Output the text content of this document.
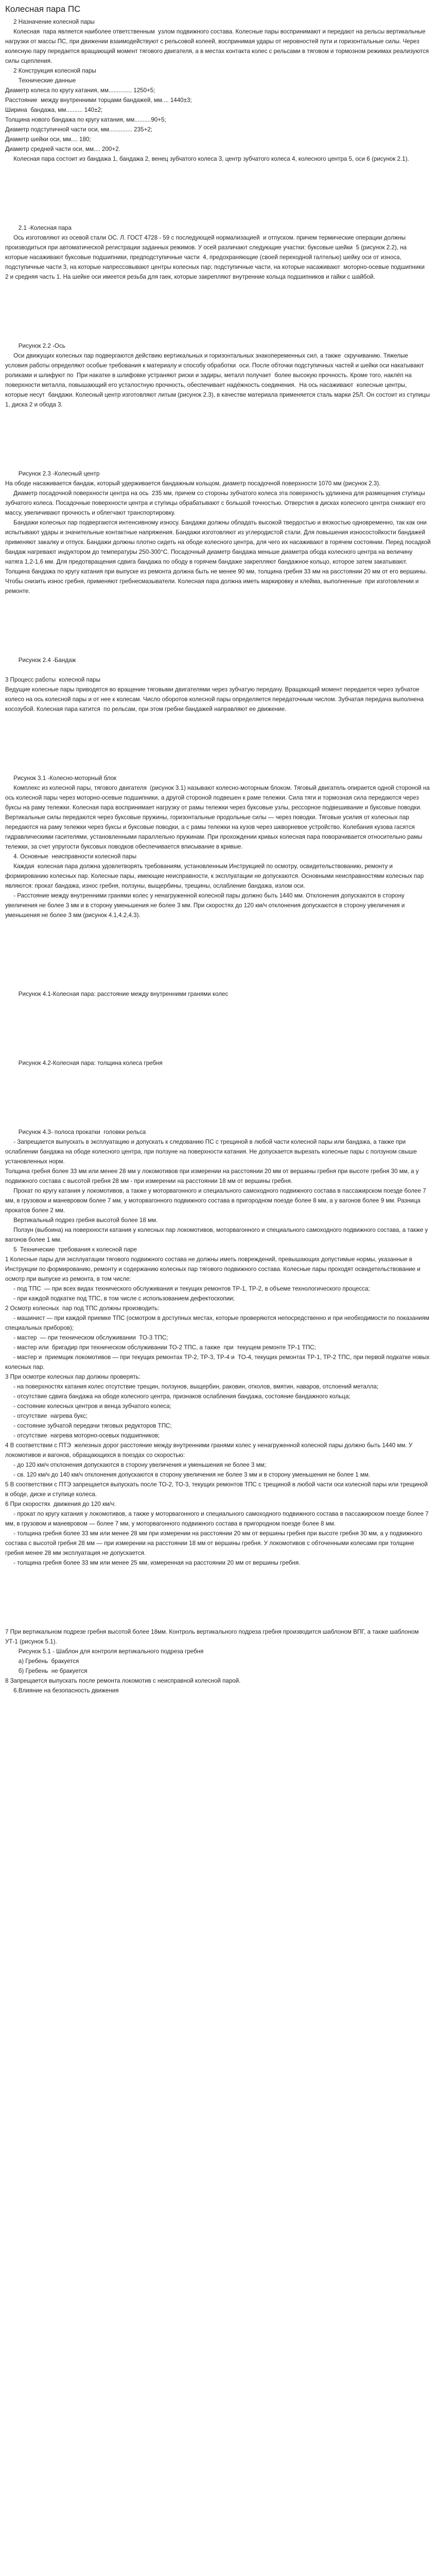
Колесная пара ПС

2 Назначение колесной пары

Колесная  пара является наиболее ответственным  узлом подвижного состава. Колесные пары воспринимают и передают на рельсы вертикальные нагрузки от массы ПС, при движении взаимодействуют с рельсовой колеей, воспринимая удары от неровностей пути и горизонтальные силы. Через колесную пару передается вращающий момент тягового двигателя, а в местах контакта колес с рельсами в тяговом и тормозном режимах реализуются силы сцепления.

2 Конструкция колесной пары

Технические данные

Диаметр колеса по кругу катания, мм.............. 1250+5;

Расстояние  между внутренними торцами бандажей, мм.... 1440±3;

Ширина  бандажа, мм.......... 140±2;

Толщина нового бандажа по кругу катания, мм..........90+5;

Диаметр подступичной части оси, мм.............. 235+2;

Диаметр шейки оси, мм.... 180;

Диаметр средней части оси, мм.... 200+2.

Колесная пара состоит из бандажа 1, бандажа 2, венец зубчатого колеса 3, центр зубчатого колеса 4, колесного центра 5, оси 6 (рисунок 2.1).

2.1 -Колесная пара

Ось изготовляют из осевой стали ОС. Л. ГОСТ 4728 - 59 с последующей нормализацией  и отпуском. причем термические операции должны производиться при автоматической регистрации заданных режимов. У осей различают следующие участки: буксовые шейки  5 (рисунок 2.2), на которые насаживают буксовые подшипники, предподступичные части  4, предохраняющие (своей переходной галтелью) шейку оси от износа, подступичные части 3, на которые напрессовывают центры колесных пар; подступичные части, на которые насаживают  моторно-осевые подшипники  2 и средняя часть 1. На шейке оси имеется резьба для гаек, которые закрепляют внутренние кольца подшипников и гайки с шайбой.

Рисунок 2.2 -Ось

Оси движущих колесных пар подвергаются действию вертикальных и горизонтальных знакопеременных сил, а также  скручиванию. Тяжелые условия работы определяют особые требования к материалу и способу обработки  оси. После обточки подступичных частей и шейки оси накатывают роликами и шлифуют по  При накатке в шлифовке устраняют риски и задиры, металл получает  более высокую прочность. Кроме того, наклёп на поверхности металла, повышающий его усталостную прочность, обеспечивает надёжность соединения.  На ось насаживают  колесные центры, которые несут  бандажи. Колесный центр изготовляют литым (рисунок 2.3), в качестве материала применяется сталь марки 25Л. Он состоит из ступицы 1, диска 2 и обода 3.

Рисунок 2.3 -Колесный центр

На ободе насаживается бандаж, который удерживается бандажным кольцом, диаметр посадочной поверхности 1070 мм (рисунок 2.3).

Диаметр посадочной поверхности центра на ось  235 мм, причем со стороны зубчатого колеса эта поверхность удлинена для размещения ступицы зубчатого колеса. Посадочные поверхности центра и ступицы обрабатывают с большой точностью. Отверстия в дисках колесного центра снижают его массу, увеличивают прочность и облегчают транспортировку.

Бандажи колесных пар подвергаются интенсивному износу. Бандажи должны обладать высокой твердостью и вязкостью одновременно, так как они испытывают удары и значительные контактные напряжения. Бандажи изготовляют из углеродистой стали. Для повышения износостойкости бандажей применяют закалку и отпуск. Бандажи должны плотно сидеть на ободе колесного центра, для чего их насаживают в горячем состоянии. Перед посадкой бандаж нагревают индуктором до температуры 250-300°С. Посадочный диаметр бандажа меньше диаметра обода колесного центра на величину натяга 1,2-1,6 мм. Для предотвращения сдвига бандажа по ободу в горячем бандаже закрепляют бандажное кольцо, которое затем закатывают. Толщина бандажа по кругу катания при выпуске из ремонта должна быть не менее 90 мм, толщина гребня 33 мм на расстоянии 20 мм от его вершины. Чтобы снизить износ гребня, применяют гребнесмазыватели. Колесная пара должна иметь маркировку и клейма, выполненные  при изготовлении и ремонте.

Рисунок 2.4 -Бандаж

3 Процесс работы  колесной пары

Ведущие колесные пары приводятся во вращение тяговыми двигателями через зубчатую передачу. Вращающий момент передается через зубчатое колесо на ось колесной пары и от нее к колесам. Число оборотов колесной пары определяется передаточным числом. Зубчатая передача выполнена косозубой. Колесная пара катится  по рельсам, при этом гребни бандажей направляют ее движение.

Рисунок 3.1 -Колесно-моторный блок

Комплекс из колесной пары, тягового двигателя  (рисунок 3.1) называют колесно-моторным блоком. Тяговый двигатель опирается одной стороной на ось колесной пары через моторно-осевые подшипники, а другой стороной подвешен к раме тележки. Сила тяги и тормозная сила передаются через буксы на раму тележки. Колесная пара воспринимает нагрузку от рамы тележки через буксовые узлы, рессорное подвешивание и буксовые поводки. Вертикальные силы передаются через буксовые пружины, горизонтальные продольные силы — через поводки. Тяговые усилия от колесных пар передаются на раму тележки через буксы и буксовые поводки, а с рамы тележки на кузов через шкворневое устройство. Колебания кузова гасятся гидравлическими гасителями, установленными параллельно пружинам. При прохождении кривых колесная пара поворачивается относительно рамы тележки, за счет упругости буксовых поводков обеспечивается вписывание в кривые.

4. Основные  неисправности колесной пары

Каждая  колесная пара должна удовлетворять требованиям, установленным Инструкцией по осмотру, освидетельствованию, ремонту и формированию колесных пар. Колесные пары, имеющие неисправности, к эксплуатации не допускаются. Основными неисправностями колесных пар являются: прокат бандажа, износ гребня, ползуны, выщербины, трещины, ослабление бандажа, излом оси.

- Расстояние между внутренними гранями колес у ненагруженной колесной пары должно быть 1440 мм. Отклонения допускаются в сторону увеличения не более 3 мм и в сторону уменьшения не более 3 мм. При скоростях до 120 км/ч отклонения допускаются в сторону увеличения и уменьшения не более 3 мм (рисунок 4.1,4.2,4.3).

Рисунок 4.1-Колесная пара: расстояние между внутренними гранями колес

Рисунок 4.2-Колесная пара: толщина колеса гребня

Рисунок 4.3- полоса прокатки  головки рельса

- Запрещается выпускать в эксплуатацию и допускать к следованию ПС с трещиной в любой части колесной пары или бандажа, а также при ослаблении бандажа на ободе колесного центра, при ползуне на поверхности катания. Не допускается вырезать колесные пары с ползуном свыше установленных норм.

Толщина гребня более 33 мм или менее 28 мм у локомотивов при измерении на расстоянии 20 мм от вершины гребня при высоте гребня 30 мм, а у подвижного состава с высотой гребня 28 мм - при измерении на расстоянии 18 мм от вершины гребня.

Прокат по кругу катания у локомотивов, а также у моторвагонного и специального самоходного подвижного состава в пассажирском поезде более 7 мм, в грузовом и маневровом более 7 мм, у моторвагонного подвижного состава в пригородном поезде более 8 мм, а у вагонов более 9 мм. Разница прокатов более 2 мм.

Вертикальный подрез гребня высотой более 18 мм.

Ползун (выбоина) на поверхности катания у колесных пар локомотивов, моторвагонного и специального самоходного подвижного состава, а также у вагонов более 1 мм.

5  Технические  требования к колесной паре

1 Колесные пары для эксплуатации тягового подвижного состава не должны иметь повреждений, превышающих допустимые нормы, указанные в Инструкции по формированию, ремонту и содержанию колесных пар тягового подвижного состава. Колесные пары проходят освидетельствование и осмотр при выпуске из ремонта, в том числе:

- под ТПС  — при всех видах технического обслуживания и текущих ремонтов ТР-1, ТР-2, в объеме технологического процесса;

- при каждой подкатке под ТПС, в том числе с использованием дефектоскопии;

2 Осмотр колесных  пар под ТПС должны производить:

- машинист — при каждой приемке ТПС (осмотром в доступных местах, которые проверяются непосредственно и при необходимости по показаниям специальных приборов);

- мастер  — при техническом обслуживании  ТО-3 ТПС;

- мастер или  бригадир при техническом обслуживании ТО-2 ТПС, а также  при  текущем ремонте ТР-1 ТПС;

- мастер и  приемщик локомотивов — при текущих ремонтах ТР-2, ТР-3, ТР-4 и  ТО-4, текущих ремонтах ТР-1, ТР-2 ТПС, при первой подкатке новых  колесных пар.

3 При осмотре колесных пар должны проверять:

- на поверхностях катания колес отсутствие трещин, ползунов, выщербин, раковин, отколов, вмятин, наваров, отслоений металла;

- отсутствие сдвига бандажа на ободе колесного центра, признаков ослабления бандажа, состояние бандажного кольца;

- состояние колесных центров и венца зубчатого колеса;

- отсутствие  нагрева букс;

- состояние зубчатой передачи тяговых редукторов ТПС;

- отсутствие  нагрева моторно-осевых подшипников;

4 В соответствии с ПТЭ  железных дорог расстояние между внутренними гранями колес у ненагруженной колесной пары должно быть 1440 мм. У локомотивов и вагонов, обращающихся в поездах со скоростью:

- до 120 км/ч отклонения допускаются в сторону увеличения и уменьшения не более 3 мм;

- св. 120 км/ч до 140 км/ч отклонения допускаются в сторону увеличения не более 3 мм и в сторону уменьшения не более 1 мм.

5 В соответствии с ПТЭ запрещается выпускать после ТО-2, ТО-3, текущих ремонтов ТПС с трещиной в любой части оси колесной пары или трещиной в ободе, диске и ступице колеса.

6 При скоростях  движения до 120 км/ч:

- прокат по кругу катания у локомотивов, а также у моторвагонного и специального самоходного подвижного состава в пассажирском поезде более 7 мм, в грузовом и маневровом — более 7 мм, у моторвагонного подвижного состава в пригородном поезде более 8 мм.

- толщина гребня более 33 мм или менее 28 мм при измерении на расстоянии 20 мм от вершины гребня при высоте гребня 30 мм, а у подвижного состава с высотой гребня 28 мм — при измерении на расстоянии 18 мм от вершины гребня. У локомотивов с обточенными колесами при толщине гребня менее 28 мм эксплуатация не допускается.

- толщина гребня более 33 мм или менее 25 мм, измеренная на расстоянии 20 мм от вершины гребня.

7 При вертикальном подрезе гребня высотой более 18мм. Контроль вертикального подреза гребня производится шаблоном ВПГ, а также шаблоном УТ-1 (рисунок 5.1).

Рисунок 5.1 - Шаблон для контроля вертикального подреза гребня

а) Гребень  бракуется

б) Гребень  не бракуется

8 Запрещается выпускать после ремонта локомотив с неисправной колесной парой.

6.Влияние на безопасность движения
